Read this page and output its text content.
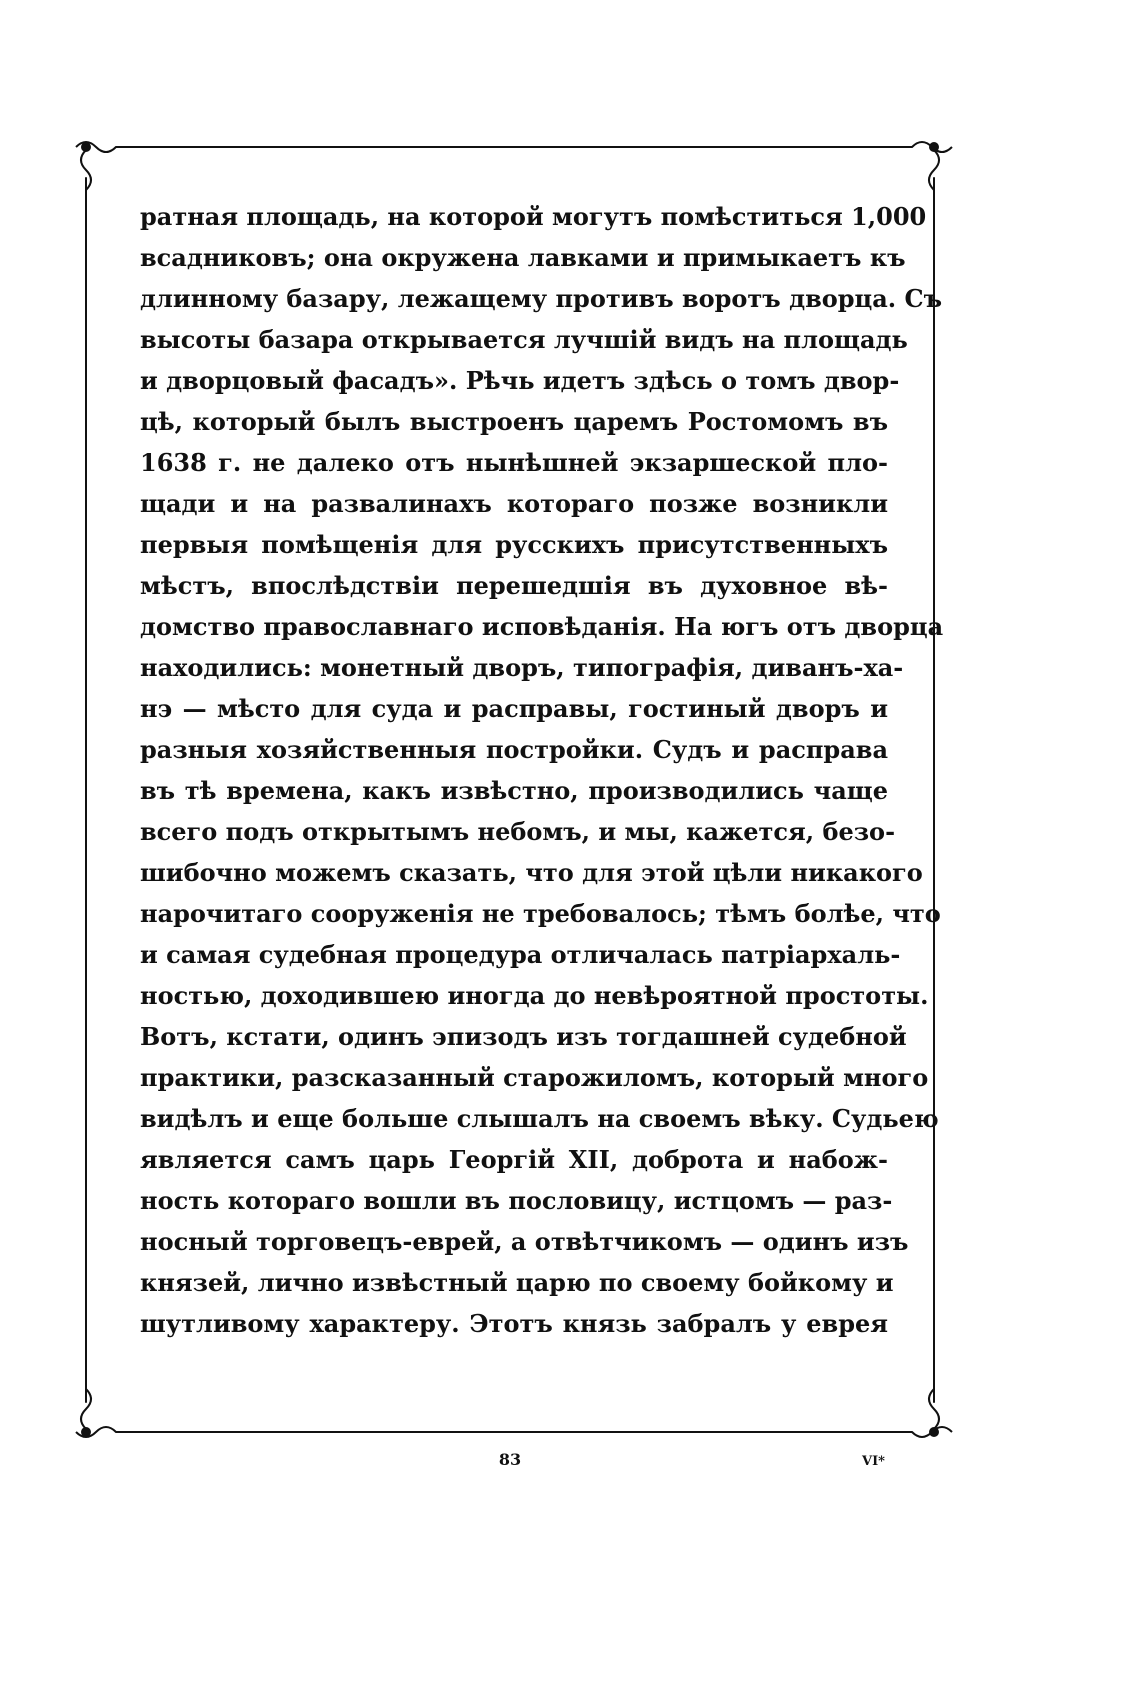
ратная площадь, на которой могутъ помѣститься 1,000
всадниковъ; она окружена лавками и примыкаетъ къ
длинному базару, лежащему противъ воротъ дворца. Съ
высоты базара открывается лучшій видъ на площадь
и дворцовый фасадъ». Рѣчь идетъ здѣсь о томъ двор-
цѣ, который былъ выстроенъ царемъ Ростомомъ въ
1638 г. не далеко отъ нынѣшней экзаршеской пло-
щади и на развалинахъ котораго позже возникли
первыя помѣщенія для русскихъ присутственныхъ
мѣстъ, впослѣдствіи перешедшія въ духовное вѣ-
домство православнаго исповѣданія. На югъ отъ дворца
находились: монетный дворъ, типографія, диванъ-ха-
нэ — мѣсто для суда и расправы, гостиный дворъ и
разныя хозяйственныя постройки. Судъ и расправа
въ тѣ времена, какъ извѣстно, производились чаще
всего подъ открытымъ небомъ, и мы, кажется, безо-
шибочно можемъ сказать, что для этой цѣли никакого
нарочитаго сооруженія не требовалось; тѣмъ болѣе, что
и самая судебная процедура отличалась патріархаль-
ностью, доходившею иногда до невѣроятной простоты.
Вотъ, кстати, одинъ эпизодъ изъ тогдашней судебной
практики, разсказанный старожиломъ, который много
видѣлъ и еще больше слышалъ на своемъ вѣку. Судьею
является самъ царь Георгій XII, доброта и набож-
ность котораго вошли въ пословицу, истцомъ — раз-
носный торговецъ-еврей, а отвѣтчикомъ — одинъ изъ
князей, лично извѣстный царю по своему бойкому и
шутливому характеру. Этотъ князь забралъ у еврея
83	VI*
